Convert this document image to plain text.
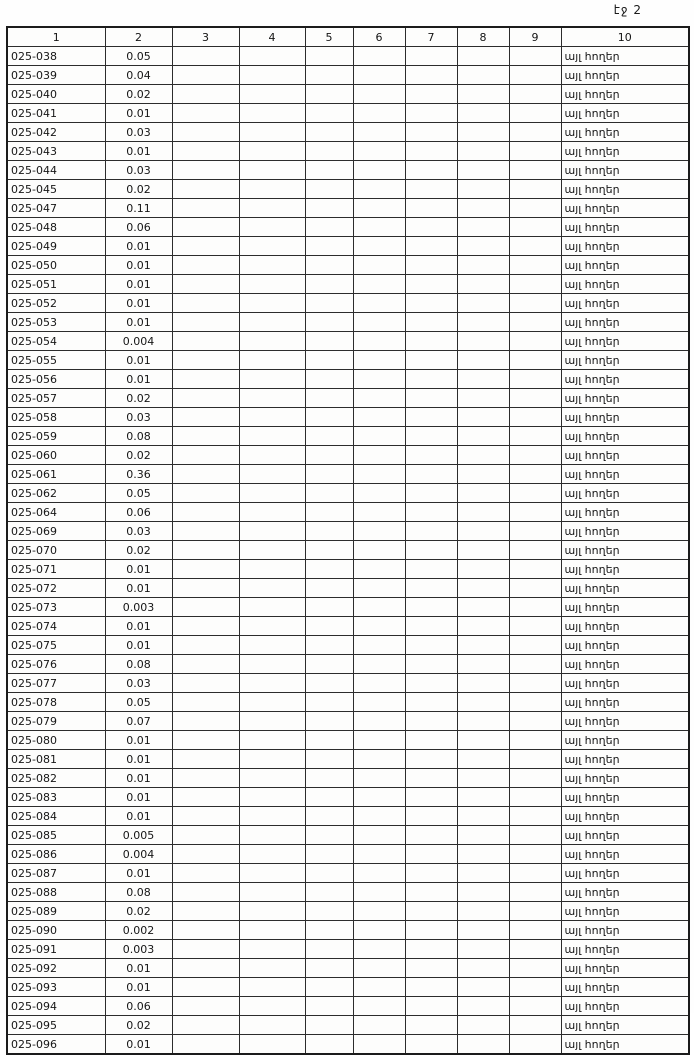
էջ 2
1	2	3	4	5	6	7	8	9	10
025-038	0.05								այլ հողեր
025-039	0.04								այլ հողեր
025-040	0.02								այլ հողեր
025-041	0.01								այլ հողեր
025-042	0.03								այլ հողեր
025-043	0.01								այլ հողեր
025-044	0.03								այլ հողեր
025-045	0.02								այլ հողեր
025-047	0.11								այլ հողեր
025-048	0.06								այլ հողեր
025-049	0.01								այլ հողեր
025-050	0.01								այլ հողեր
025-051	0.01								այլ հողեր
025-052	0.01								այլ հողեր
025-053	0.01								այլ հողեր
025-054	0.004								այլ հողեր
025-055	0.01								այլ հողեր
025-056	0.01								այլ հողեր
025-057	0.02								այլ հողեր
025-058	0.03								այլ հողեր
025-059	0.08								այլ հողեր
025-060	0.02								այլ հողեր
025-061	0.36								այլ հողեր
025-062	0.05								այլ հողեր
025-064	0.06								այլ հողեր
025-069	0.03								այլ հողեր
025-070	0.02								այլ հողեր
025-071	0.01								այլ հողեր
025-072	0.01								այլ հողեր
025-073	0.003								այլ հողեր
025-074	0.01								այլ հողեր
025-075	0.01								այլ հողեր
025-076	0.08								այլ հողեր
025-077	0.03								այլ հողեր
025-078	0.05								այլ հողեր
025-079	0.07								այլ հողեր
025-080	0.01								այլ հողեր
025-081	0.01								այլ հողեր
025-082	0.01								այլ հողեր
025-083	0.01								այլ հողեր
025-084	0.01								այլ հողեր
025-085	0.005								այլ հողեր
025-086	0.004								այլ հողեր
025-087	0.01								այլ հողեր
025-088	0.08								այլ հողեր
025-089	0.02								այլ հողեր
025-090	0.002								այլ հողեր
025-091	0.003								այլ հողեր
025-092	0.01								այլ հողեր
025-093	0.01								այլ հողեր
025-094	0.06								այլ հողեր
025-095	0.02								այլ հողեր
025-096	0.01								այլ հողեր
